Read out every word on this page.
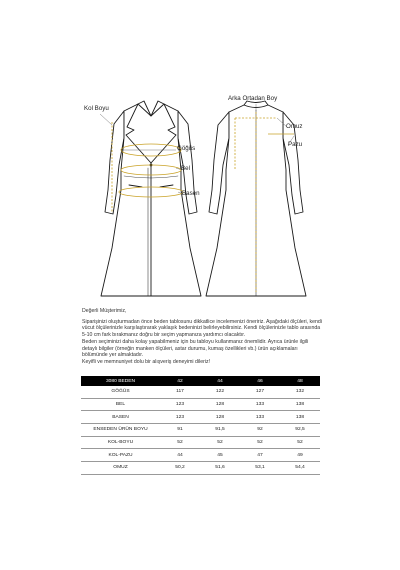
Kol Boyu
Göğüs
Bel
Basen
Arka Ortadan Boy
Omuz
Pazu

Değerli Müşterimiz,

Siparişinizi oluşturmadan önce beden tablosunu dikkatlice incelemenizi öneririz. Aşağıdaki ölçüleri, kendi vücut ölçülerinizle karşılaştırarak yaklaşık bedeninizi belirleyebilirsiniz. Kendi ölçülerinizle tablo arasında 5-10 cm fark bırakmanız doğru bir seçim yapmanıza yardımcı olacaktır.

Beden seçiminizi daha kolay yapabilmeniz için bu tabloyu kullanmanız önemlidir. Ayrıca ürünle ilgili detaylı bilgiler (örneğin manken ölçüleri, astar durumu, kumaş özellikleri vb.) ürün açıklamaları bölümünde yer almaktadır.

Keyifli ve memnuniyet dolu bir alışveriş deneyimi dileriz!

3080 BEDEN	42	44	46	48
GÖĞÜS	117	122	127	132
BEL	123	128	133	138
BASEN	123	128	133	138
ENSEDEN ÜRÜN BOYU	91	91,5	92	92,5
KOL-BOYU	52	52	52	52
KOL-PAZU	44	45	47	49
OMUZ	50,2	51,6	53,1	54,4
